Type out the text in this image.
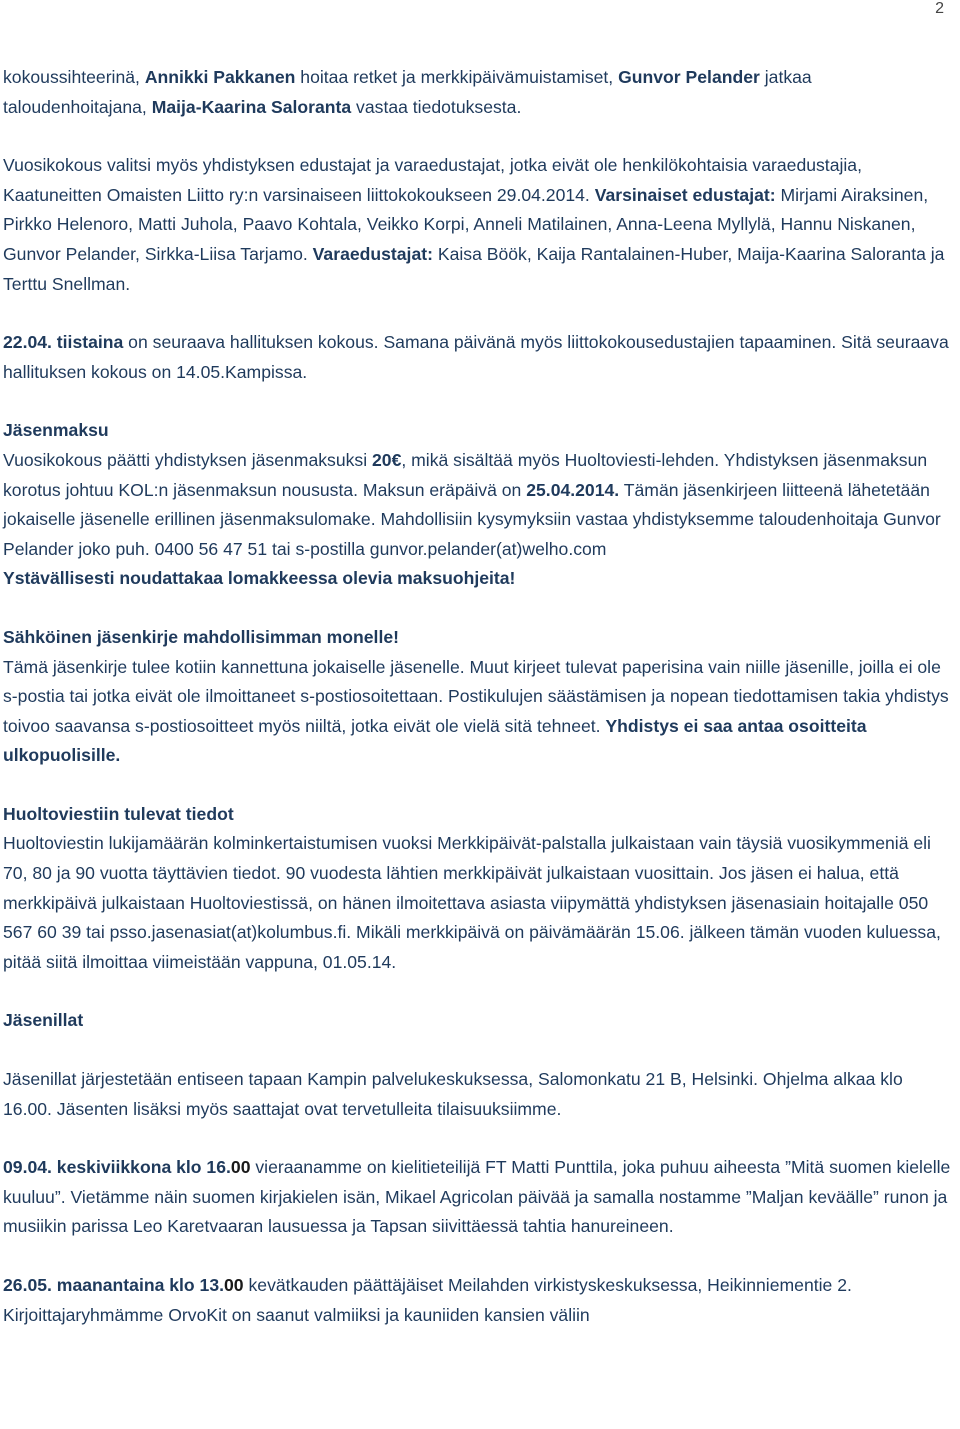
2

kokoussihteerinä, Annikki Pakkanen hoitaa retket ja merkkipäivämuistamiset, Gunvor Pelander jatkaa taloudenhoitajana, Maija-Kaarina Saloranta vastaa tiedotuksesta.

Vuosikokous valitsi myös yhdistyksen edustajat ja varaedustajat, jotka eivät ole henkilökohtaisia varaedustajia, Kaatuneitten Omaisten Liitto ry:n varsinaiseen liittokokoukseen 29.04.2014. Varsinaiset edustajat: Mirjami Airaksinen, Pirkko Helenoro, Matti Juhola, Paavo Kohtala, Veikko Korpi, Anneli Matilainen, Anna-Leena Myllylä, Hannu Niskanen, Gunvor Pelander, Sirkka-Liisa Tarjamo. Varaedustajat: Kaisa Böök, Kaija Rantalainen-Huber, Maija-Kaarina Saloranta ja Terttu Snellman.

22.04. tiistaina on seuraava hallituksen kokous. Samana päivänä myös liittokokousedustajien tapaaminen. Sitä seuraava hallituksen kokous on 14.05.Kampissa.

Jäsenmaksu
Vuosikokous päätti yhdistyksen jäsenmaksuksi 20€, mikä sisältää myös Huoltoviesti-lehden. Yhdistyksen jäsenmaksun korotus johtuu KOL:n jäsenmaksun noususta. Maksun eräpäivä on 25.04.2014. Tämän jäsenkirjeen liitteenä lähetetään jokaiselle jäsenelle erillinen jäsenmaksulomake. Mahdollisiin kysymyksiin vastaa yhdistyksemme taloudenhoitaja Gunvor Pelander joko puh. 0400 56 47 51 tai s-postilla gunvor.pelander(at)welho.com
Ystävällisesti noudattakaa lomakkeessa olevia maksuohjeita!

Sähköinen jäsenkirje mahdollisimman monelle!
Tämä jäsenkirje tulee kotiin kannettuna jokaiselle jäsenelle. Muut kirjeet tulevat paperisina vain niille jäsenille, joilla ei ole s-postia tai jotka eivät ole ilmoittaneet s-postiosoitettaan. Postikulujen säästämisen ja nopean tiedottamisen takia yhdistys toivoo saavansa s-postiosoitteet myös niiltä, jotka eivät ole vielä sitä tehneet. Yhdistys ei saa antaa osoitteita ulkopuolisille.

Huoltoviestiin tulevat tiedot
Huoltoviestin lukijamäärän kolminkertaistumisen vuoksi Merkkipäivät-palstalla julkaistaan vain täysiä vuosikymmeniä eli 70, 80 ja 90 vuotta täyttävien tiedot. 90 vuodesta lähtien merkkipäivät julkaistaan vuosittain. Jos jäsen ei halua, että merkkipäivä julkaistaan Huoltoviestissä, on hänen ilmoitettava asiasta viipymättä yhdistyksen jäsenasiain hoitajalle 050 567 60 39 tai psso.jasenasiat(at)kolumbus.fi. Mikäli merkkipäivä on päivämäärän 15.06. jälkeen tämän vuoden kuluessa, pitää siitä ilmoittaa viimeistään vappuna, 01.05.14.

Jäsenillat

Jäsenillat järjestetään entiseen tapaan Kampin palvelukeskuksessa, Salomonkatu 21 B, Helsinki. Ohjelma alkaa klo 16.00. Jäsenten lisäksi myös saattajat ovat tervetulleita tilaisuuksiimme.

09.04. keskiviikkona klo 16.00 vieraanamme on kielitieteilijä FT Matti Punttila, joka puhuu aiheesta ”Mitä suomen kielelle kuuluu”. Vietämme näin suomen kirjakielen isän, Mikael Agricolan päivää ja samalla nostamme ”Maljan keväälle” runon ja musiikin parissa Leo Karetvaaran lausuessa ja Tapsan siivittäessä tahtia hanureineen.

26.05. maanantaina klo 13.00 kevätkauden päättäjäiset Meilahden virkistyskeskuksessa, Heikinniementie 2. Kirjoittajaryhmämme OrvoKit on saanut valmiiksi ja kauniiden kansien väliin
